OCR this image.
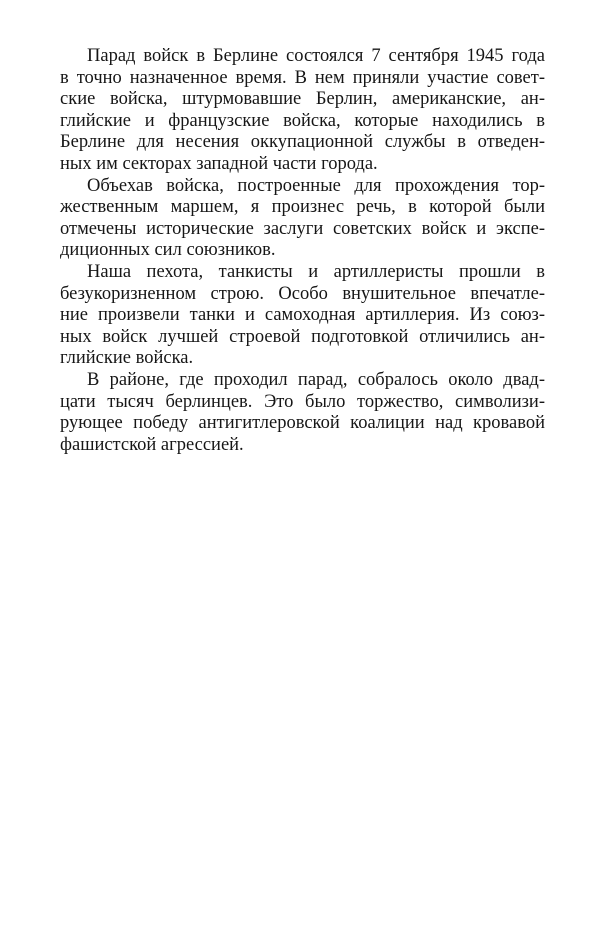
Парад войск в Берлине состоялся 7 сентября 1945 года
в точно назначенное время. В нем приняли участие совет-
ские войска, штурмовавшие Берлин, американские, ан-
глийские и французские войска, которые находились в
Берлине для несения оккупационной службы в отведен-
ных им секторах западной части города.

Объехав войска, построенные для прохождения тор-
жественным маршем, я произнес речь, в которой были
отмечены исторические заслуги советских войск и экспе-
диционных сил союзников.

Наша пехота, танкисты и артиллеристы прошли в
безукоризненном строю. Особо внушительное впечатле-
ние произвели танки и самоходная артиллерия. Из союз-
ных войск лучшей строевой подготовкой отличились ан-
глийские войска.

В районе, где проходил парад, собралось около двад-
цати тысяч берлинцев. Это было торжество, символизи-
рующее победу антигитлеровской коалиции над кровавой
фашистской агрессией.
